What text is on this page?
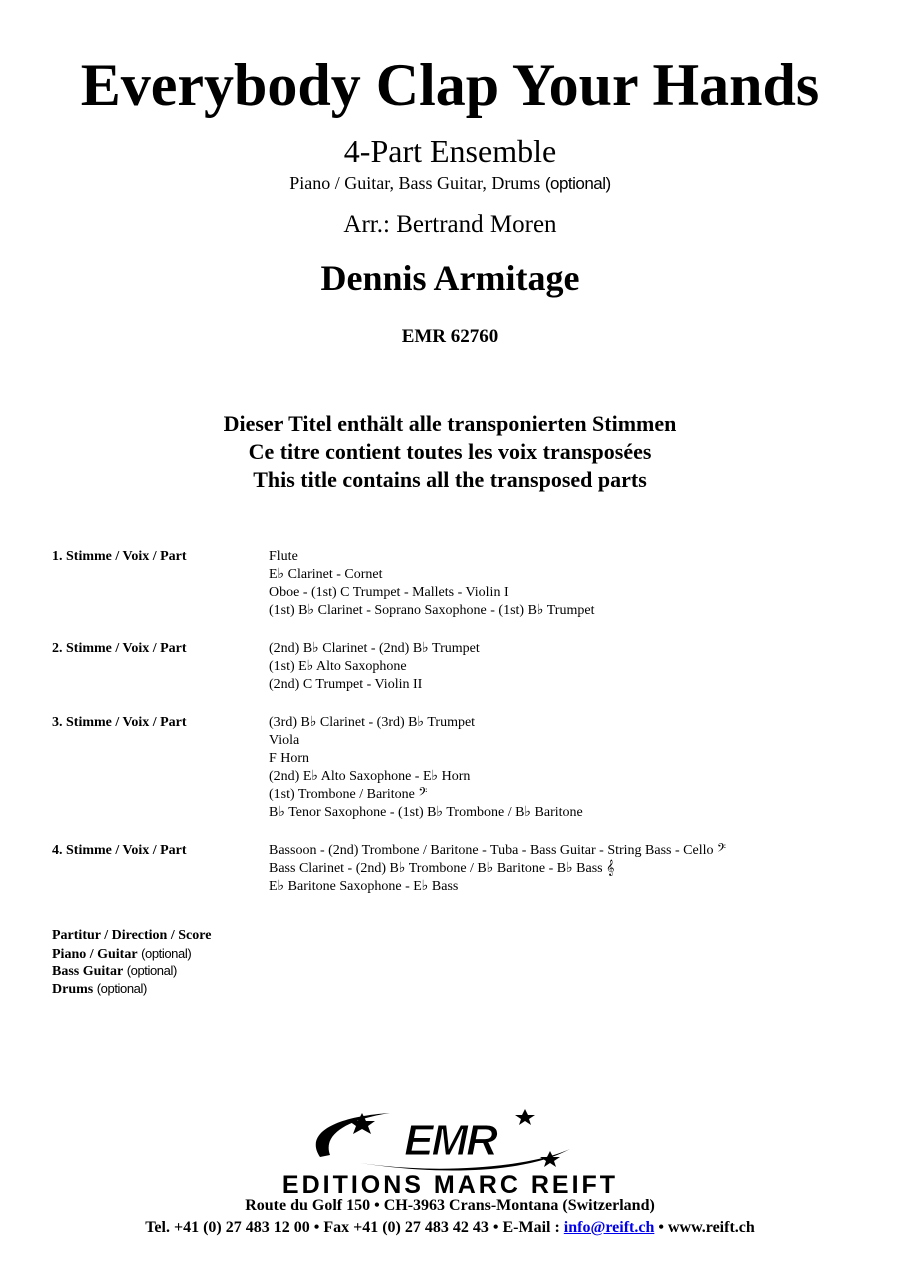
Everybody Clap Your Hands
4-Part Ensemble
Piano / Guitar, Bass Guitar, Drums (optional)
Arr.: Bertrand Moren
Dennis Armitage
EMR 62760
Dieser Titel enthält alle transponierten Stimmen
Ce titre contient toutes les voix transposées
This title contains all the transposed parts
1. Stimme / Voix / Part	Flute
E♭ Clarinet - Cornet
Oboe - (1st) C Trumpet - Mallets - Violin I
(1st) B♭ Clarinet - Soprano Saxophone - (1st) B♭ Trumpet
2. Stimme / Voix / Part	(2nd) B♭ Clarinet - (2nd) B♭ Trumpet
(1st) E♭ Alto Saxophone
(2nd) C Trumpet - Violin II
3. Stimme / Voix / Part	(3rd) B♭ Clarinet - (3rd) B♭ Trumpet
Viola
F Horn
(2nd) E♭ Alto Saxophone - E♭ Horn
(1st) Trombone / Baritone 𝄢
B♭ Tenor Saxophone - (1st) B♭ Trombone / B♭ Baritone
4. Stimme / Voix / Part	Bassoon - (2nd) Trombone / Baritone - Tuba - Bass Guitar - String Bass - Cello 𝄢
Bass Clarinet - (2nd) B♭ Trombone / B♭ Baritone - B♭ Bass 𝄞
E♭ Baritone Saxophone - E♭ Bass
Partitur / Direction / Score
Piano / Guitar (optional)
Bass Guitar (optional)
Drums (optional)
EMR
EDITIONS MARC REIFT
Route du Golf 150 • CH-3963 Crans-Montana (Switzerland)
Tel. +41 (0) 27 483 12 00 • Fax +41 (0) 27 483 42 43 • E-Mail : info@reift.ch • www.reift.ch
